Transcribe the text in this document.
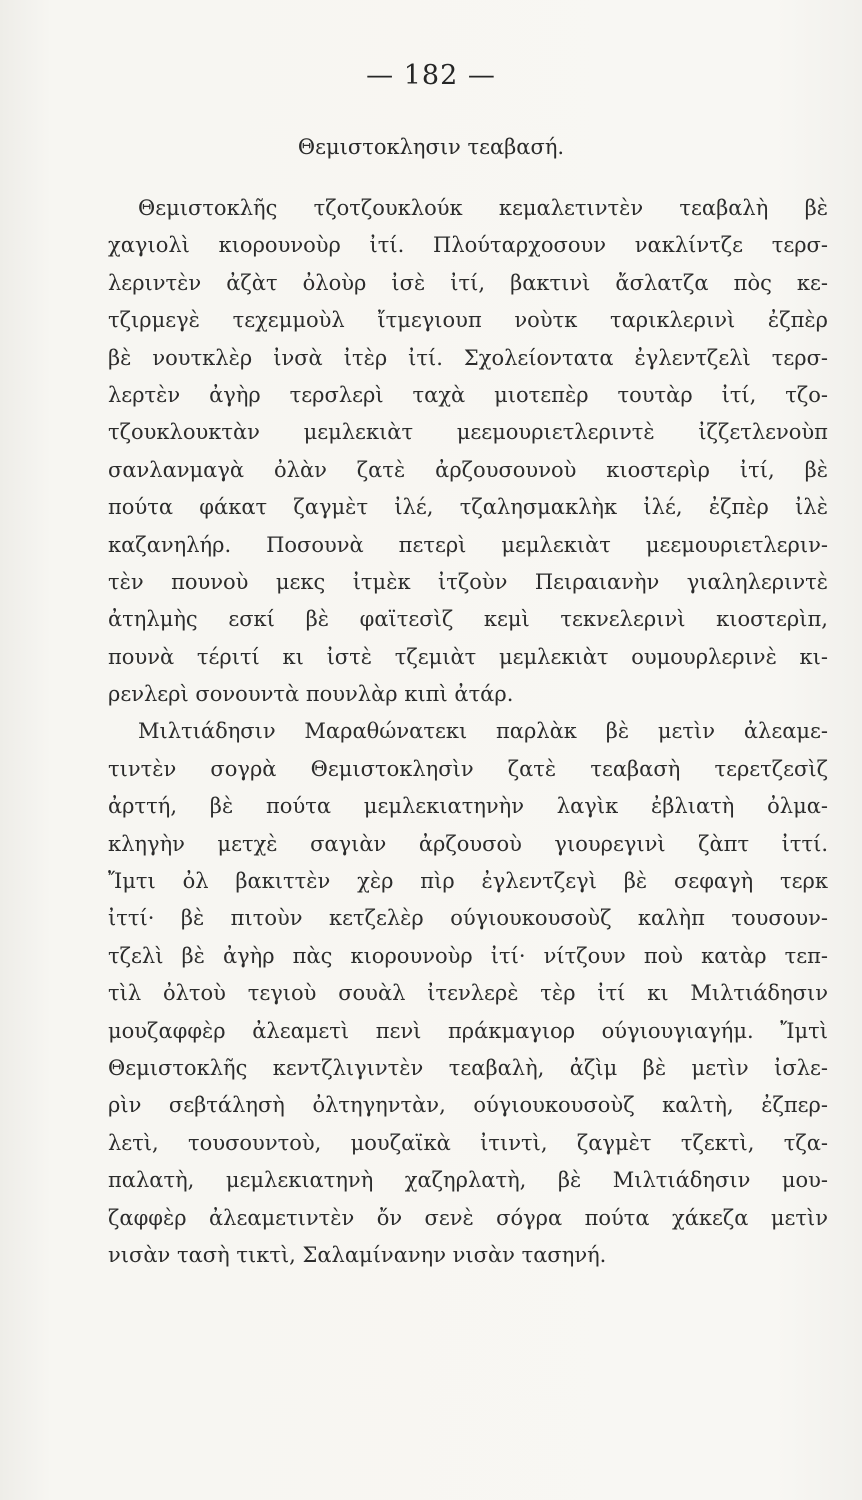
— 182 —
Θεμιστοκλησιν τεαβασή.
Θεμιστοκλῆς τζοτζουκλούκ κεμαλετιντὲν τεαβαλὴ βὲ
χαγιολὶ κιορουνοὺρ ἰτί. Πλούταρχοσουν νακλίντζε τερσ-
λεριντὲν ἀζὰτ ὀλοὺρ ἰσὲ ἰτί, βακτινὶ ἄσλατζα πὸς κε-
τζιρμεγὲ τεχεμμοὺλ ἴτμεγιουπ νοὺτκ ταρικλερινὶ ἐζπὲρ
βὲ νουτκλὲρ ἰνσὰ ἰτὲρ ἰτί. Σχολείοντατα ἐγλεντζελὶ τερσ-
λερτὲν ἀγὴρ τερσλερὶ ταχὰ μιοτεπὲρ τουτὰρ ἰτί, τζο-
τζουκλουκτὰν μεμλεκιὰτ μεεμουριετλεριντὲ ἰζζετλενοὺπ
σανλανμαγὰ ὀλὰν ζατὲ ἀρζουσουνοὺ κιοστερὶρ ἰτί, βὲ
πούτα φάκατ ζαγμὲτ ἰλέ, τζαλησμακλὴκ ἰλέ, ἐζπὲρ ἰλὲ
καζανηλήρ. Ποσουνὰ πετερὶ μεμλεκιὰτ μεεμουριετλεριν-
τὲν πουνοὺ μεκς ἰτμὲκ ἰτζοὺν Πειραιανὴν γιαληλεριντὲ
ἀτηλμὴς εσκί βὲ φαϊτεσὶζ κεμὶ τεκνελερινὶ κιοστερὶπ,
πουνὰ τέριτί κι ἰστὲ τζεμιὰτ μεμλεκιὰτ ουμουρλερινὲ κι-
ρενλερὶ σονουντὰ πουνλὰρ κιπὶ ἀτάρ.
Μιλτιάδησιν Μαραθώνατεκι παρλὰκ βὲ μετὶν ἀλεαμε-
τιντὲν σογρὰ Θεμιστοκλησὶν ζατὲ τεαβασὴ τερετζεσὶζ
ἀρττή, βὲ πούτα μεμλεκιατηνὴν λαγὶκ ἐβλιατὴ ὀλμα-
κληγὴν μετχὲ σαγιὰν ἀρζουσοὺ γιουρεγινὶ ζὰπτ ἰττί.
Ἴμτι ὀλ βακιττὲν χὲρ πὶρ ἐγλεντζεγὶ βὲ σεφαγὴ τερκ
ἰττί· βὲ πιτοὺν κετζελὲρ ούγιουκουσοὺζ καλὴπ τουσουν-
τζελὶ βὲ ἀγὴρ πὰς κιορουνοὺρ ἰτί· νίτζουν ποὺ κατὰρ τεπ-
τὶλ ὀλτοὺ τεγιοὺ σουὰλ ἰτενλερὲ τὲρ ἰτί κι Μιλτιάδησιν
μουζαφφὲρ ἀλεαμετὶ πενὶ πράκμαγιορ ούγιουγιαγήμ. Ἴμτὶ
Θεμιστοκλῆς κεντζλιγιντὲν τεαβαλὴ, ἀζὶμ βὲ μετὶν ἰσλε-
ρὶν σεβτάλησὴ ὀλτηγηντὰν, ούγιουκουσοὺζ καλτὴ, ἐζπερ-
λετὶ, τουσουντοὺ, μουζαϊκὰ ἰτιντὶ, ζαγμὲτ τζεκτὶ, τζα-
παλατὴ, μεμλεκιατηνὴ χαζηρλατὴ, βὲ Μιλτιάδησιν μου-
ζαφφὲρ ἀλεαμετιντὲν ὄν σενὲ σόγρα πούτα χάκεζα μετὶν
νισὰν τασὴ τικτὶ, Σαλαμίνανην νισὰν τασηνή.
